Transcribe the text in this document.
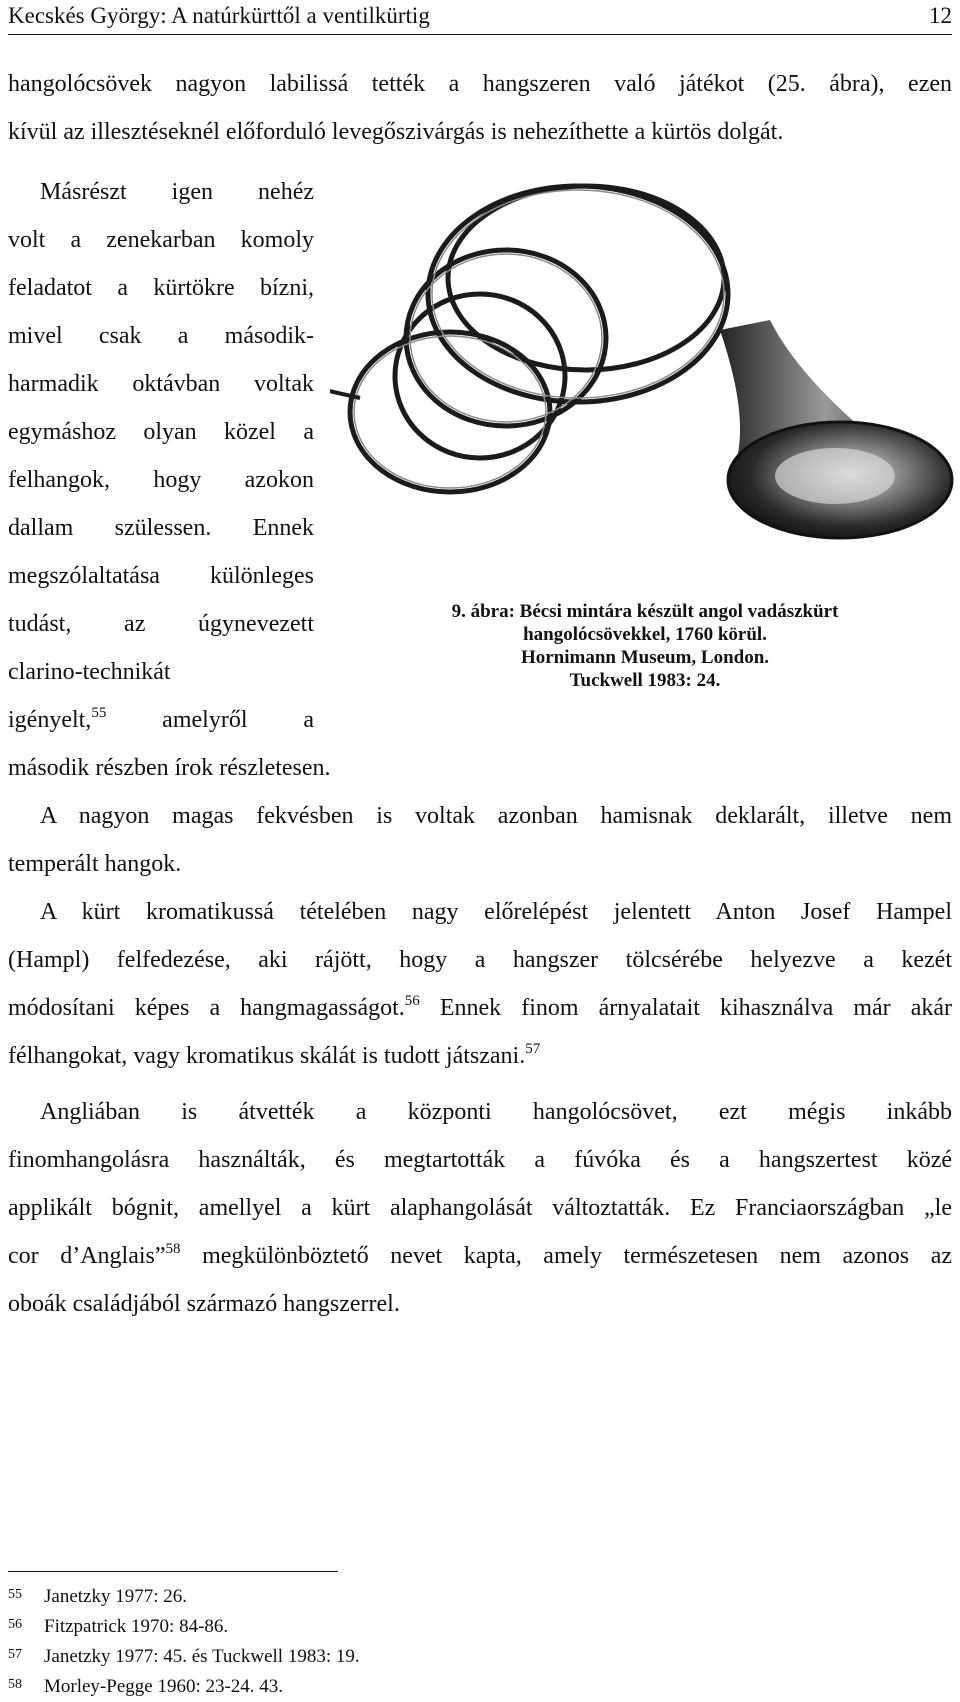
Kecskés György: A natúrkürttől a ventilkürtig	12
hangolócsövek nagyon labilissá tették a hangszeren való játékot (25. ábra), ezen
kívül az illesztéseknél előforduló levegőszivárgás is nehezíthette a kürtös dolgát.
Másrészt igen nehéz
volt a zenekarban komoly
feladatot a kürtökre bízni,
mivel csak a második-
harmadik oktávban voltak
egymáshoz olyan közel a
felhangok, hogy azokon
dallam szülessen. Ennek
megszólaltatása különleges
tudást, az úgynevezett
clarino-technikát
igényelt,$^{55}$ amelyről a
második részben írok részletesen.
9. ábra: Bécsi mintára készült angol vadászkürt
hangolócsövekkel, 1760 körül.
Hornimann Museum, London.
Tuckwell 1983: 24.
A nagyon magas fekvésben is voltak azonban hamisnak deklarált, illetve nem
temperált hangok.
A kürt kromatikussá tételében nagy előrelépést jelentett Anton Josef Hampel
(Hampl) felfedezése, aki rájött, hogy a hangszer tölcsérébe helyezve a kezét
módosítani képes a hangmagasságot.$^{56}$ Ennek finom árnyalatait kihasználva már akár
félhangokat, vagy kromatikus skálát is tudott játszani.$^{57}$
Angliában is átvették a központi hangolócsövet, ezt mégis inkább
finomhangolásra használták, és megtartották a fúvóka és a hangszertest közé
applikált bógnit, amellyel a kürt alaphangolását változtatták. Ez Franciaországban „le
cor d’Anglais”$^{58}$ megkülönböztető nevet kapta, amely természetesen nem azonos az
oboák családjából származó hangszerrel.
55 Janetzky 1977: 26.
56 Fitzpatrick 1970: 84-86.
57 Janetzky 1977: 45. és Tuckwell 1983: 19.
58 Morley-Pegge 1960: 23-24. 43.
